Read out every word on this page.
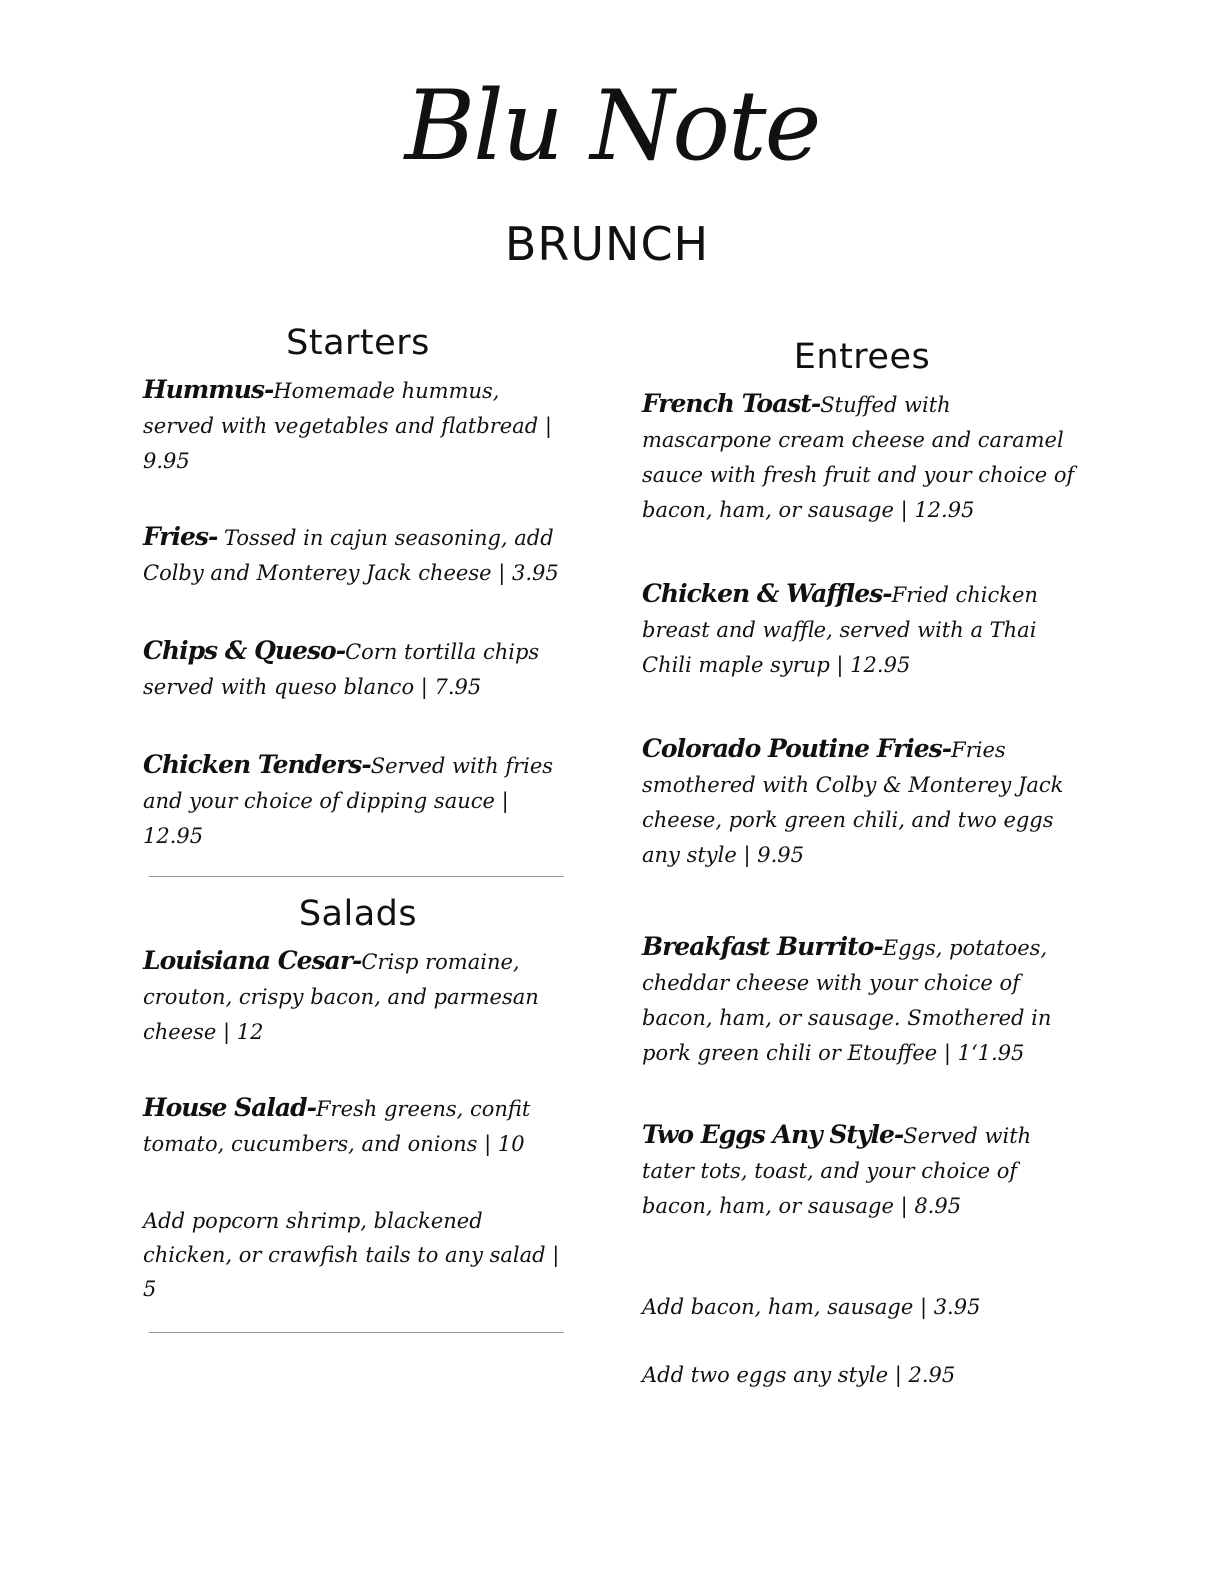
Blu Note
BRUNCH
Starters

Hummus-Homemade hummus, served with vegetables and flatbread | 9.95

Fries- Tossed in cajun seasoning, add Colby and Monterey Jack cheese | 3.95

Chips & Queso-Corn tortilla chips served with queso blanco | 7.95

Chicken Tenders-Served with fries and your choice of dipping sauce | 12.95

Salads

Louisiana Cesar-Crisp romaine, crouton, crispy bacon, and parmesan cheese | 12

House Salad-Fresh greens, confit tomato, cucumbers, and onions | 10

Add popcorn shrimp, blackened chicken, or crawfish tails to any salad | 5

Entrees

French Toast-Stuffed with mascarpone cream cheese and caramel sauce with fresh fruit and your choice of bacon, ham, or sausage | 12.95

Chicken & Waffles-Fried chicken breast and waffle, served with a Thai Chili maple syrup | 12.95

Colorado Poutine Fries-Fries smothered with Colby & Monterey Jack cheese, pork green chili, and two eggs any style | 9.95

Breakfast Burrito-Eggs, potatoes, cheddar cheese with your choice of bacon, ham, or sausage. Smothered in pork green chili or Etouffee | 1‘1.95

Two Eggs Any Style-Served with tater tots, toast, and your choice of bacon, ham, or sausage | 8.95

Add bacon, ham, sausage | 3.95

Add two eggs any style | 2.95
